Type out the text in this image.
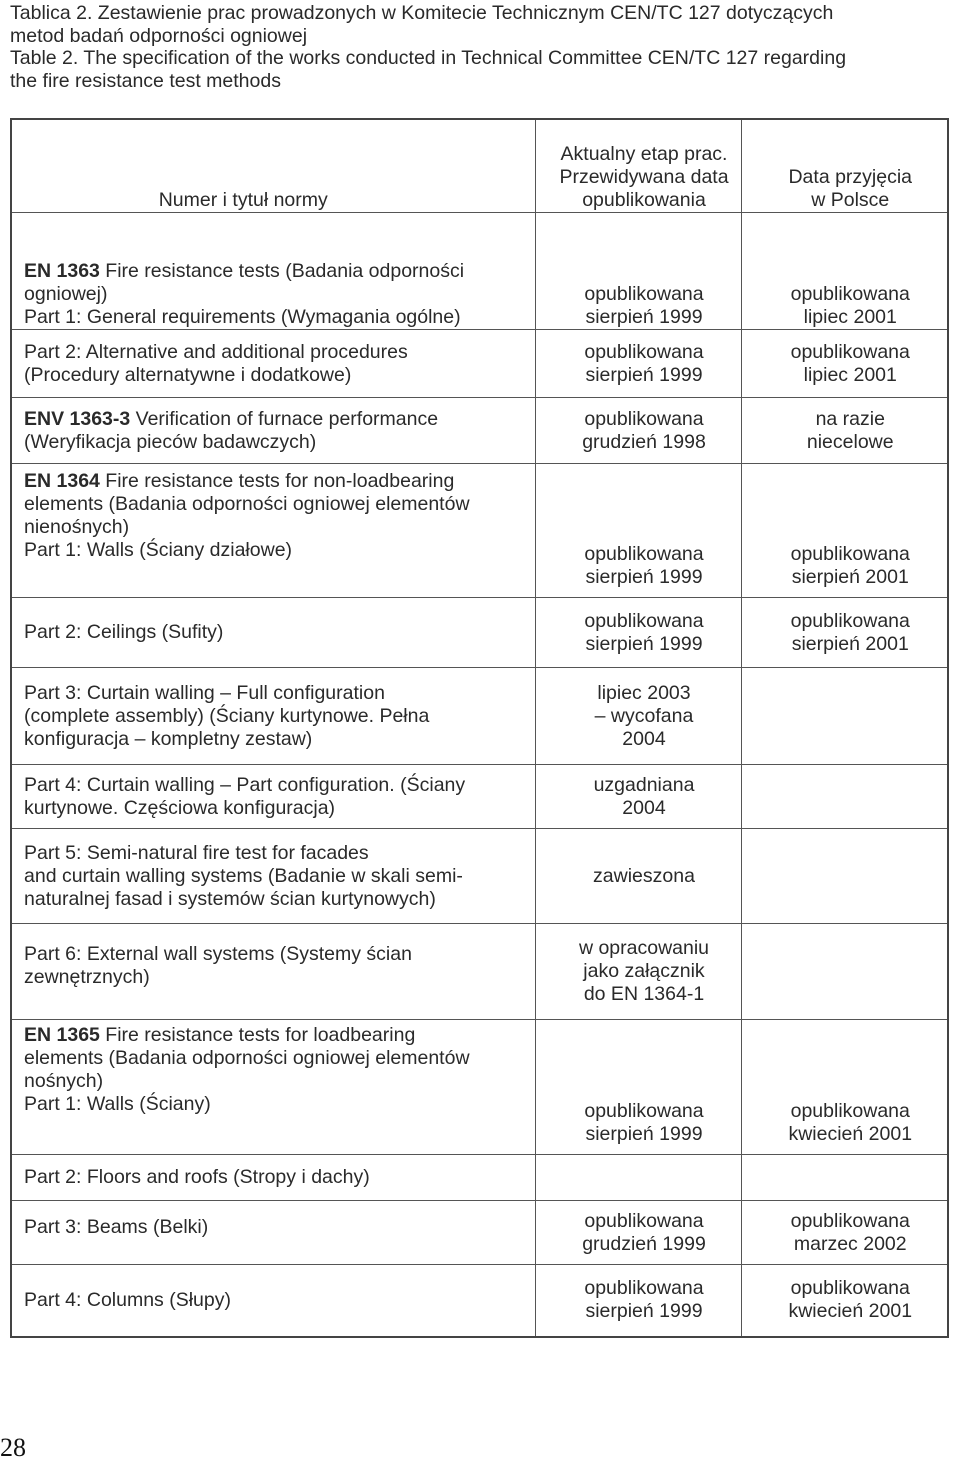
Tablica 2. Zestawienie prac prowadzonych w Komitecie Technicznym CEN/TC 127 dotyczących
metod badań odporności ogniowej
Table 2. The specification of the works conducted in Technical Committee CEN/TC 127 regarding
the fire resistance test methods
Numer i tytuł normy	Aktualny etap prac.
Przewidywana data
opublikowania	Data przyjęcia
w Polsce

EN 1363 Fire resistance tests (Badania odporności
ogniowej)
Part 1: General requirements (Wymagania ogólne)	opublikowana
sierpień 1999	opublikowana
lipiec 2001

Part 2: Alternative and additional procedures
(Procedury alternatywne i dodatkowe)	opublikowana
sierpień 1999	opublikowana
lipiec 2001

ENV 1363-3 Verification of furnace performance
(Weryfikacja pieców badawczych)	opublikowana
grudzień 1998	na razie
niecelowe

EN 1364 Fire resistance tests for non-loadbearing
elements (Badania odporności ogniowej elementów
nienośnych)
Part 1: Walls (Ściany działowe)	opublikowana
sierpień 1999	opublikowana
sierpień 2001

Part 2: Ceilings (Sufity)	opublikowana
sierpień 1999	opublikowana
sierpień 2001

Part 3: Curtain walling – Full configuration
(complete assembly) (Ściany kurtynowe. Pełna
konfiguracja – kompletny zestaw)	lipiec 2003
– wycofana
2004	

Part 4: Curtain walling – Part configuration. (Ściany
kurtynowe. Częściowa konfiguracja)	uzgadniana
2004	

Part 5: Semi-natural fire test for facades
and curtain walling systems (Badanie w skali semi-
naturalnej fasad i systemów ścian kurtynowych)	zawieszona	

Part 6: External wall systems (Systemy ścian
zewnętrznych)	w opracowaniu
jako załącznik
do EN 1364-1	

EN 1365 Fire resistance tests for loadbearing
elements (Badania odporności ogniowej elementów
nośnych)
Part 1: Walls (Ściany)	opublikowana
sierpień 1999	opublikowana
kwiecień 2001

Part 2: Floors and roofs (Stropy i dachy)		

Part 3: Beams (Belki)	opublikowana
grudzień 1999	opublikowana
marzec 2002

Part 4: Columns (Słupy)	opublikowana
sierpień 1999	opublikowana
kwiecień 2001
28
